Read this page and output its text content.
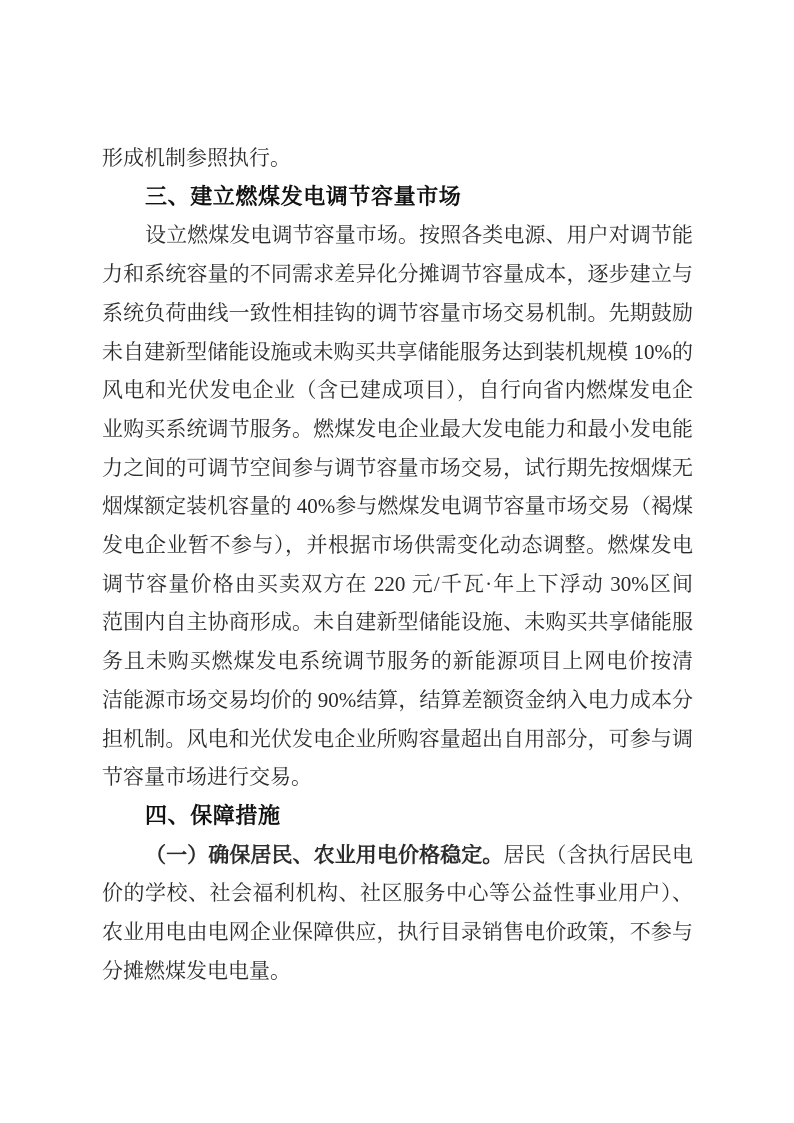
形成机制参照执行。
三、建立燃煤发电调节容量市场
设立燃煤发电调节容量市场。按照各类电源、用户对调节能
力和系统容量的不同需求差异化分摊调节容量成本，逐步建立与
系统负荷曲线一致性相挂钩的调节容量市场交易机制。先期鼓励
未自建新型储能设施或未购买共享储能服务达到装机规模 10%的
风电和光伏发电企业（含已建成项目），自行向省内燃煤发电企
业购买系统调节服务。燃煤发电企业最大发电能力和最小发电能
力之间的可调节空间参与调节容量市场交易，试行期先按烟煤无
烟煤额定装机容量的 40%参与燃煤发电调节容量市场交易（褐煤
发电企业暂不参与），并根据市场供需变化动态调整。燃煤发电
调节容量价格由买卖双方在 220 元/千瓦·年上下浮动 30%区间
范围内自主协商形成。未自建新型储能设施、未购买共享储能服
务且未购买燃煤发电系统调节服务的新能源项目上网电价按清
洁能源市场交易均价的 90%结算，结算差额资金纳入电力成本分
担机制。风电和光伏发电企业所购容量超出自用部分，可参与调
节容量市场进行交易。
四、保障措施
（一）确保居民、农业用电价格稳定。居民（含执行居民电
价的学校、社会福利机构、社区服务中心等公益性事业用户）、
农业用电由电网企业保障供应，执行目录销售电价政策，不参与
分摊燃煤发电电量。
